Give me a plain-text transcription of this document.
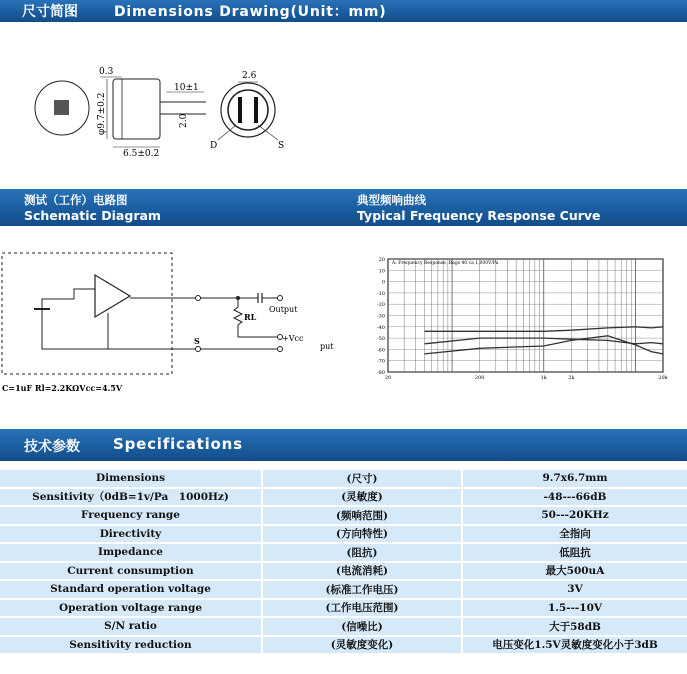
尺寸简图	Dimensions Drawing(Unit：mm)
0.3
φ9.7±0.2
6.5±0.2
10±1
2.0
2.6
D	S
测试（工作）电路图
Schematic Diagram
典型频响曲线
Typical Frequency Response Curve
Output
RL
+Vcc
put
S
C=1uF Rl=2.2KΩVcc=4.5V
20
10
0
-10
-20
-30
-40
-50
-60
-70
-80
20	200	1k	2k	20k
A: Frequency Response, Rags 40 ca 1,000V/Pa
技术参数 Specifications
Dimensions	(尺寸)	9.7x6.7mm
Sensitivity（0dB=1v/Pa　1000Hz)	(灵敏度)	-48---66dB
Frequency range	(频响范围)	50---20KHz
Directivity	(方向特性)	全指向
Impedance	(阻抗)	低阻抗
Current consumption	(电流消耗)	最大500uA
Standard operation voltage	(标准工作电压)	3V
Operation voltage range	(工作电压范围)	1.5---10V
S/N ratio	(信噪比)	大于58dB
Sensitivity reduction	(灵敏度变化)	电压变化1.5V灵敏度变化小于3dB
